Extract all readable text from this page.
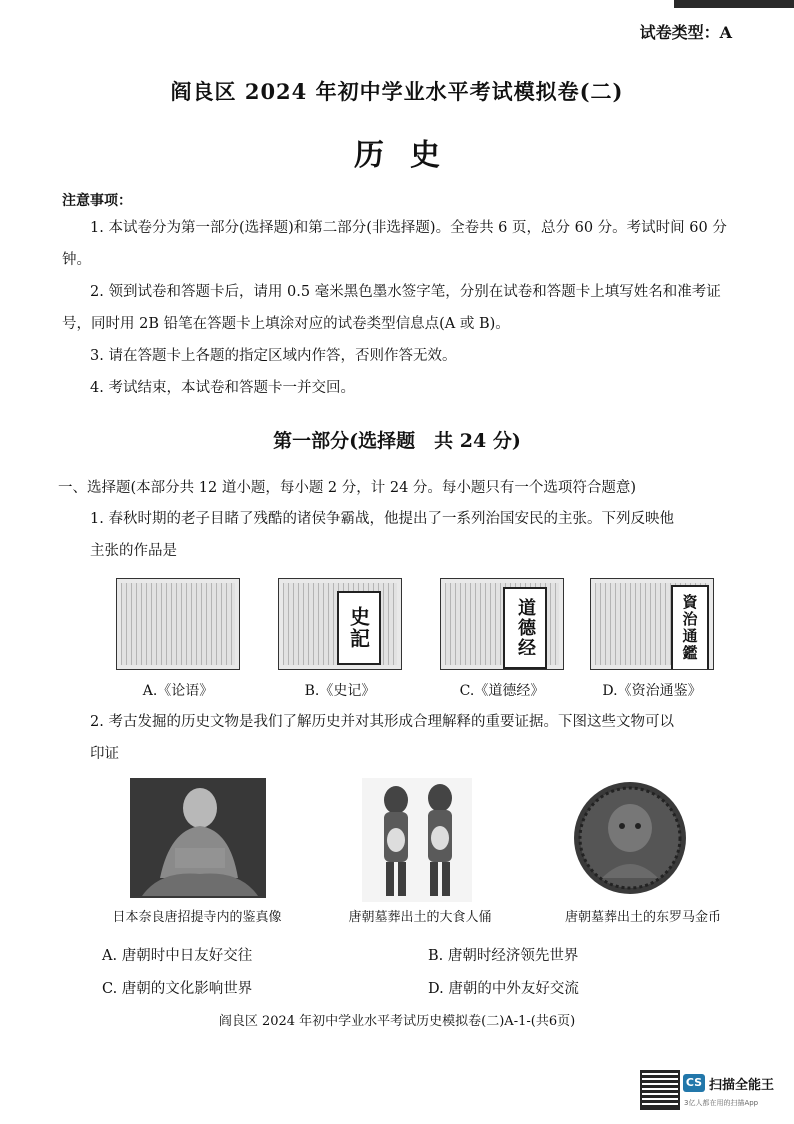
试卷类型：A
阎良区 2024 年初中学业水平考试模拟卷(二)
历史
注意事项：
1. 本试卷分为第一部分(选择题)和第二部分(非选择题)。全卷共 6 页，总分 60 分。考试时间 60 分钟。
2. 领到试卷和答题卡后，请用 0.5 毫米黑色墨水签字笔，分别在试卷和答题卡上填写姓名和准考证号，同时用 2B 铅笔在答题卡上填涂对应的试卷类型信息点(A 或 B)。
3. 请在答题卡上各题的指定区域内作答，否则作答无效。
4. 考试结束，本试卷和答题卡一并交回。
第一部分(选择题　共 24 分)
一、选择题(本部分共 12 道小题，每小题 2 分，计 24 分。每小题只有一个选项符合题意)
1. 春秋时期的老子目睹了残酷的诸侯争霸战，他提出了一系列治国安民的主张。下列反映他
主张的作品是
史記	道德经	資治通鑑
A.《论语》	B.《史记》	C.《道德经》	D.《资治通鉴》
2. 考古发掘的历史文物是我们了解历史并对其形成合理解释的重要证据。下图这些文物可以
印证
日本奈良唐招提寺内的鉴真像	唐朝墓葬出土的大食人俑	唐朝墓葬出土的东罗马金币
A. 唐朝时中日友好交往	B. 唐朝时经济领先世界
C. 唐朝的文化影响世界	D. 唐朝的中外友好交流
阎良区 2024 年初中学业水平考试历史模拟卷(二)A-1-(共6页)
CS 扫描全能王
3亿人都在用的扫描App
